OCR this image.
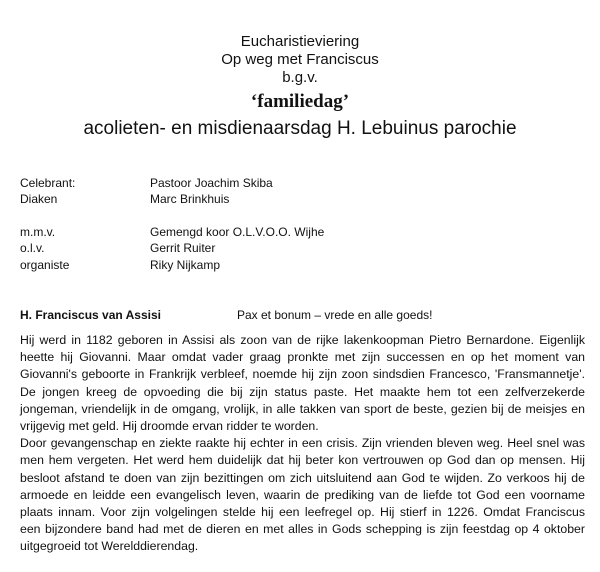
Eucharistieviering
Op weg met Franciscus
b.g.v.
‘familiedag’
acolieten- en misdienaarsdag H. Lebuinus parochie
Celebrant:	Pastoor Joachim Skiba
Diaken	Marc Brinkhuis
m.m.v.	Gemengd koor O.L.V.O.O. Wijhe
o.l.v.	Gerrit Ruiter
organiste	Riky Nijkamp
H. Franciscus van Assisi	Pax et bonum – vrede en alle goeds!
Hij werd in 1182 geboren in Assisi als zoon van de rijke lakenkoopman Pietro Bernardone. Eigenlijk
heette hij Giovanni. Maar omdat vader graag pronkte met zijn successen en op het moment van
Giovanni's geboorte in Frankrijk verbleef, noemde hij zijn zoon sindsdien Francesco, 'Fransmannetje'.
De jongen kreeg de opvoeding die bij zijn status paste. Het maakte hem tot een zelfverzekerde
jongeman, vriendelijk in de omgang, vrolijk, in alle takken van sport de beste, gezien bij de meisjes en
vrijgevig met geld. Hij droomde ervan ridder te worden.
Door gevangenschap en ziekte raakte hij echter in een crisis. Zijn vrienden bleven weg. Heel snel was
men hem vergeten. Het werd hem duidelijk dat hij beter kon vertrouwen op God dan op mensen. Hij
besloot afstand te doen van zijn bezittingen om zich uitsluitend aan God te wijden. Zo verkoos hij de
armoede en leidde een evangelisch leven, waarin de prediking van de liefde tot God een voorname
plaats innam. Voor zijn volgelingen stelde hij een leefregel op. Hij stierf in 1226. Omdat Franciscus
een bijzondere band had met de dieren en met alles in Gods schepping is zijn feestdag op 4 oktober
uitgegroeid tot Werelddierendag.
